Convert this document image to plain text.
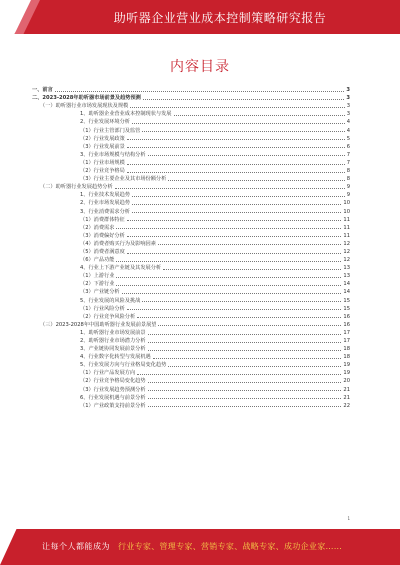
助听器企业营业成本控制策略研究报告
内容目录
一、前言	3
二、2023-2028年助听器市场前景及趋势预测	3
（一）助听器行业市场发展现状及规模	3
1、助听器企业营业成本控制现状与发展	3
2、行业发展环境分析	4
（1）行业主管部门及监管	4
（2）行业发展政策	5
（3）行业发展前景	6
3、行业市场规模与结构分析	7
（1）行业市场规模	7
（2）行业竞争格局	8
（3）行业主要企业及其市场份额分析	8
（二）助听器行业发展趋势分析	9
1、行业技术发展趋势	9
2、行业市场发展趋势	10
3、行业消费需求分析	10
（1）消费群体特征	11
（2）消费需求	11
（3）消费偏好分析	11
（4）消费者购买行为及影响因素	12
（5）消费者满意度	12
（6）产品功能	12
4、行业上下游产业链及其发展分析	13
（1）上游行业	13
（2）下游行业	14
（3）产业链分析	14
5、行业发展的风险及挑战	15
（1）行业风险分析	15
（2）行业竞争风险分析	16
（三）2023-2028年中国助听器行业发展前景展望	16
1、助听器行业市场发展前景	17
2、助听器行业市场潜力分析	17
3、产业链协同发展前景分析	18
4、行业数字化转型与发展机遇	18
5、行业发展方向与行业格局变化趋势	19
（1）行业产品发展方向	19
（2）行业竞争格局变化趋势	20
（3）行业发展趋势预测分析	21
6、行业发展机遇与前景分析	21
（1）产业政策支持前景分析	22
1
让每个人都能成为 行业专家、管理专家、营销专家、战略专家、成功企业家……
